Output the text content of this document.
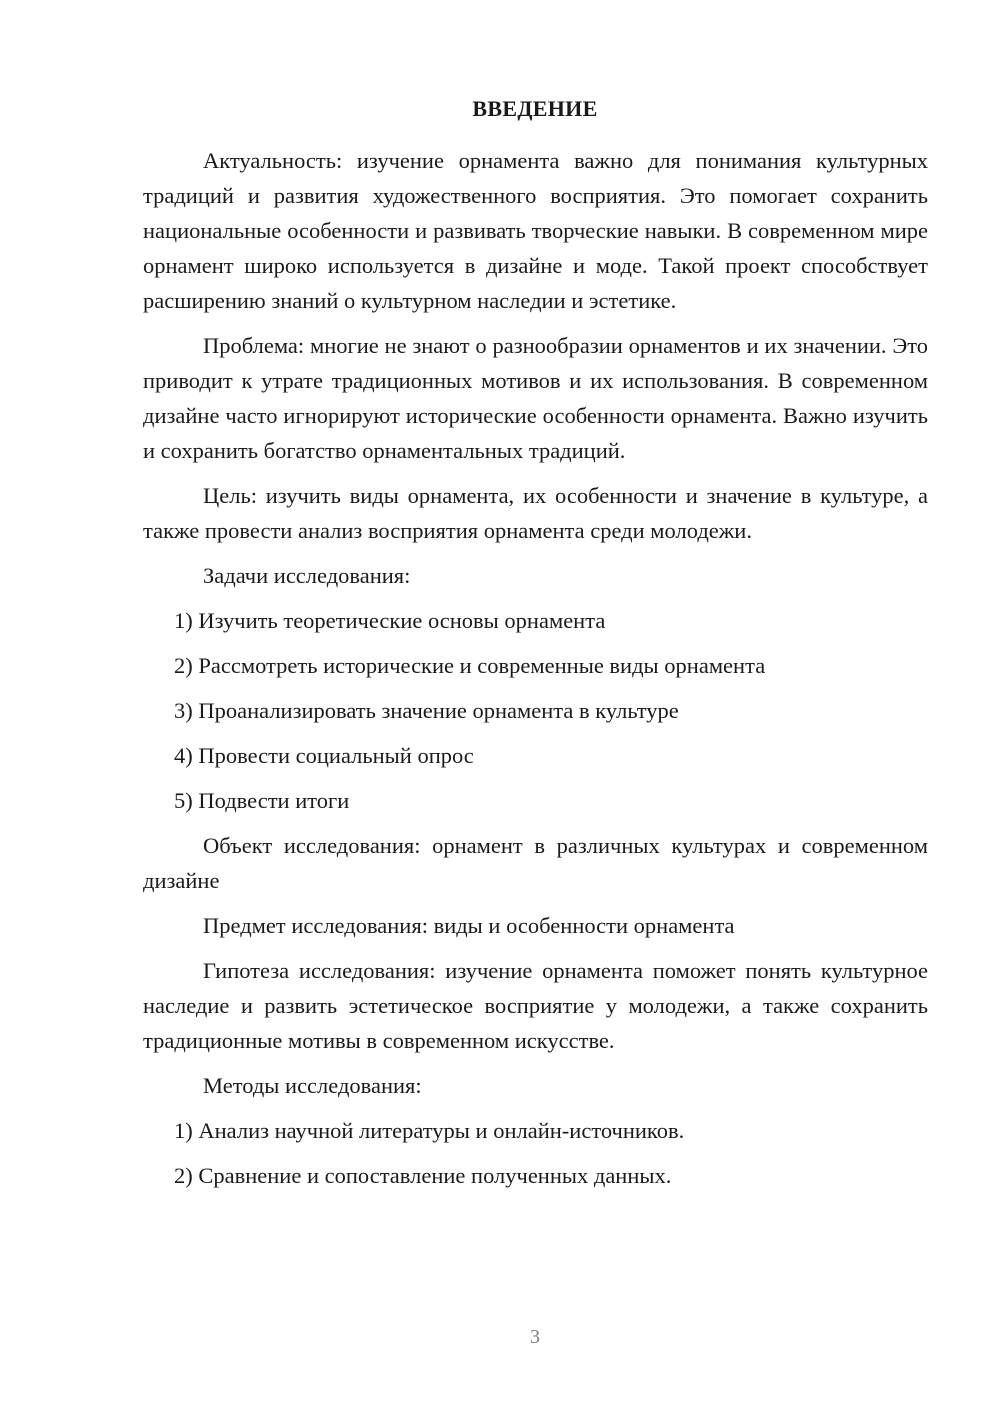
ВВЕДЕНИЕ

Актуальность: изучение орнамента важно для понимания культурных традиций и развития художественного восприятия. Это помогает сохранить национальные особенности и развивать творческие навыки. В современном мире орнамент широко используется в дизайне и моде. Такой проект способствует расширению знаний о культурном наследии и эстетике.

Проблема: многие не знают о разнообразии орнаментов и их значении. Это приводит к утрате традиционных мотивов и их использования. В современном дизайне часто игнорируют исторические особенности орнамента. Важно изучить и сохранить богатство орнаментальных традиций.

Цель: изучить виды орнамента, их особенности и значение в культуре, а также провести анализ восприятия орнамента среди молодежи.

Задачи исследования:
1) Изучить теоретические основы орнамента
2) Рассмотреть исторические и современные виды орнамента
3) Проанализировать значение орнамента в культуре
4) Провести социальный опрос
5) Подвести итоги

Объект исследования: орнамент в различных культурах и современном дизайне

Предмет исследования: виды и особенности орнамента

Гипотеза исследования: изучение орнамента поможет понять культурное наследие и развить эстетическое восприятие у молодежи, а также сохранить традиционные мотивы в современном искусстве.

Методы исследования:
1) Анализ научной литературы и онлайн-источников.
2) Сравнение и сопоставление полученных данных.
3
